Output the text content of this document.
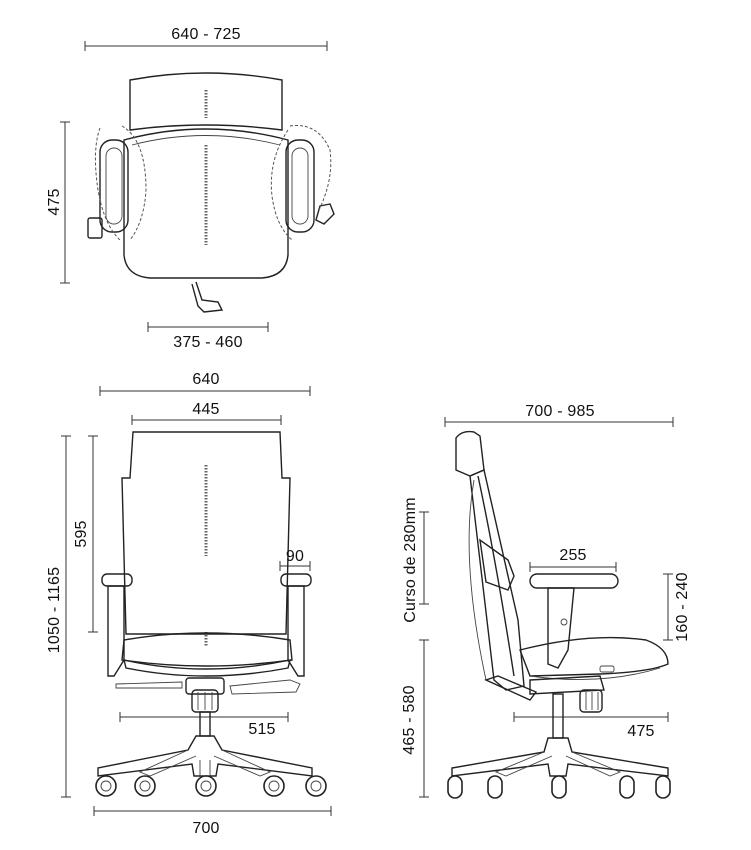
640 - 725
475
375 - 460
640
445
595
90
1050 - 1165
515
700
700 - 985
Curso de 280mm	255
160 - 240
465 - 580	475
